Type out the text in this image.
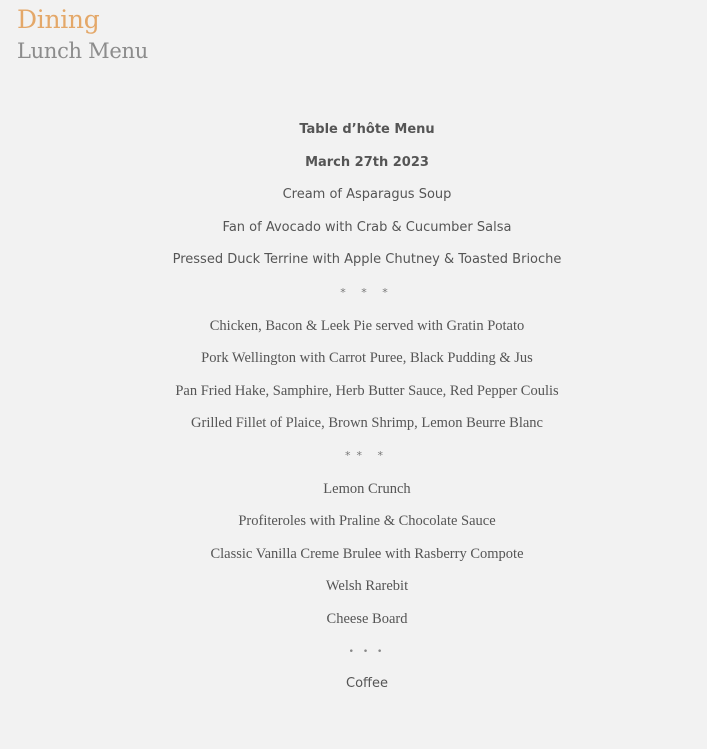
Dining
Lunch Menu
Table d’hôte Menu
March 27th 2023
Cream of Asparagus Soup
Fan of Avocado with Crab & Cucumber Salsa
Pressed Duck Terrine with Apple Chutney & Toasted Brioche
* * *
Chicken, Bacon & Leek Pie served with Gratin Potato
Pork Wellington with Carrot Puree, Black Pudding & Jus
Pan Fried Hake, Samphire, Herb Butter Sauce, Red Pepper Coulis
Grilled Fillet of Plaice, Brown Shrimp, Lemon Beurre Blanc
** *
Lemon Crunch
Profiteroles with Praline & Chocolate Sauce
Classic Vanilla Creme Brulee with Rasberry Compote
Welsh Rarebit
Cheese Board
• • •
Coffee
